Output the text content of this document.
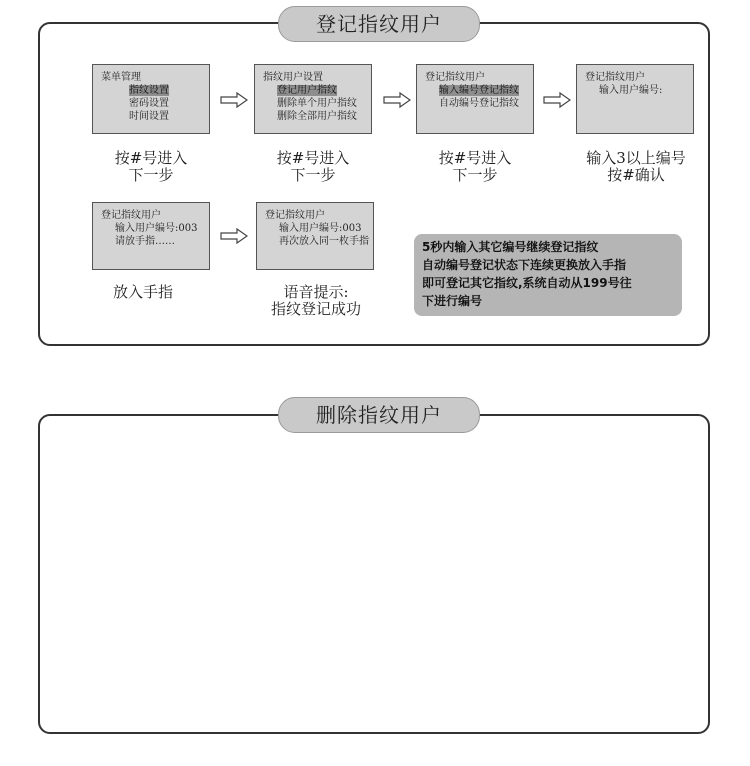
登记指纹用户
菜单管理
指纹设置
密码设置
时间设置
指纹用户设置
登记用户指纹
删除单个用户指纹
删除全部用户指纹
登记指纹用户
输入编号登记指纹
自动编号登记指纹
登记指纹用户
输入用户编号:
登记指纹用户
输入用户编号:003
请放手指……
登记指纹用户
输入用户编号:003
再次放入同一枚手指
按#号进入
下一步
按#号进入
下一步
按#号进入
下一步
输入3以上编号
按#确认
放入手指	语音提示:
指纹登记成功

删除指纹用户
5秒内输入其它编号继续登记指纹
自动编号登记状态下连续更换放入手指
即可登记其它指纹,系统自动从199号往
下进行编号
